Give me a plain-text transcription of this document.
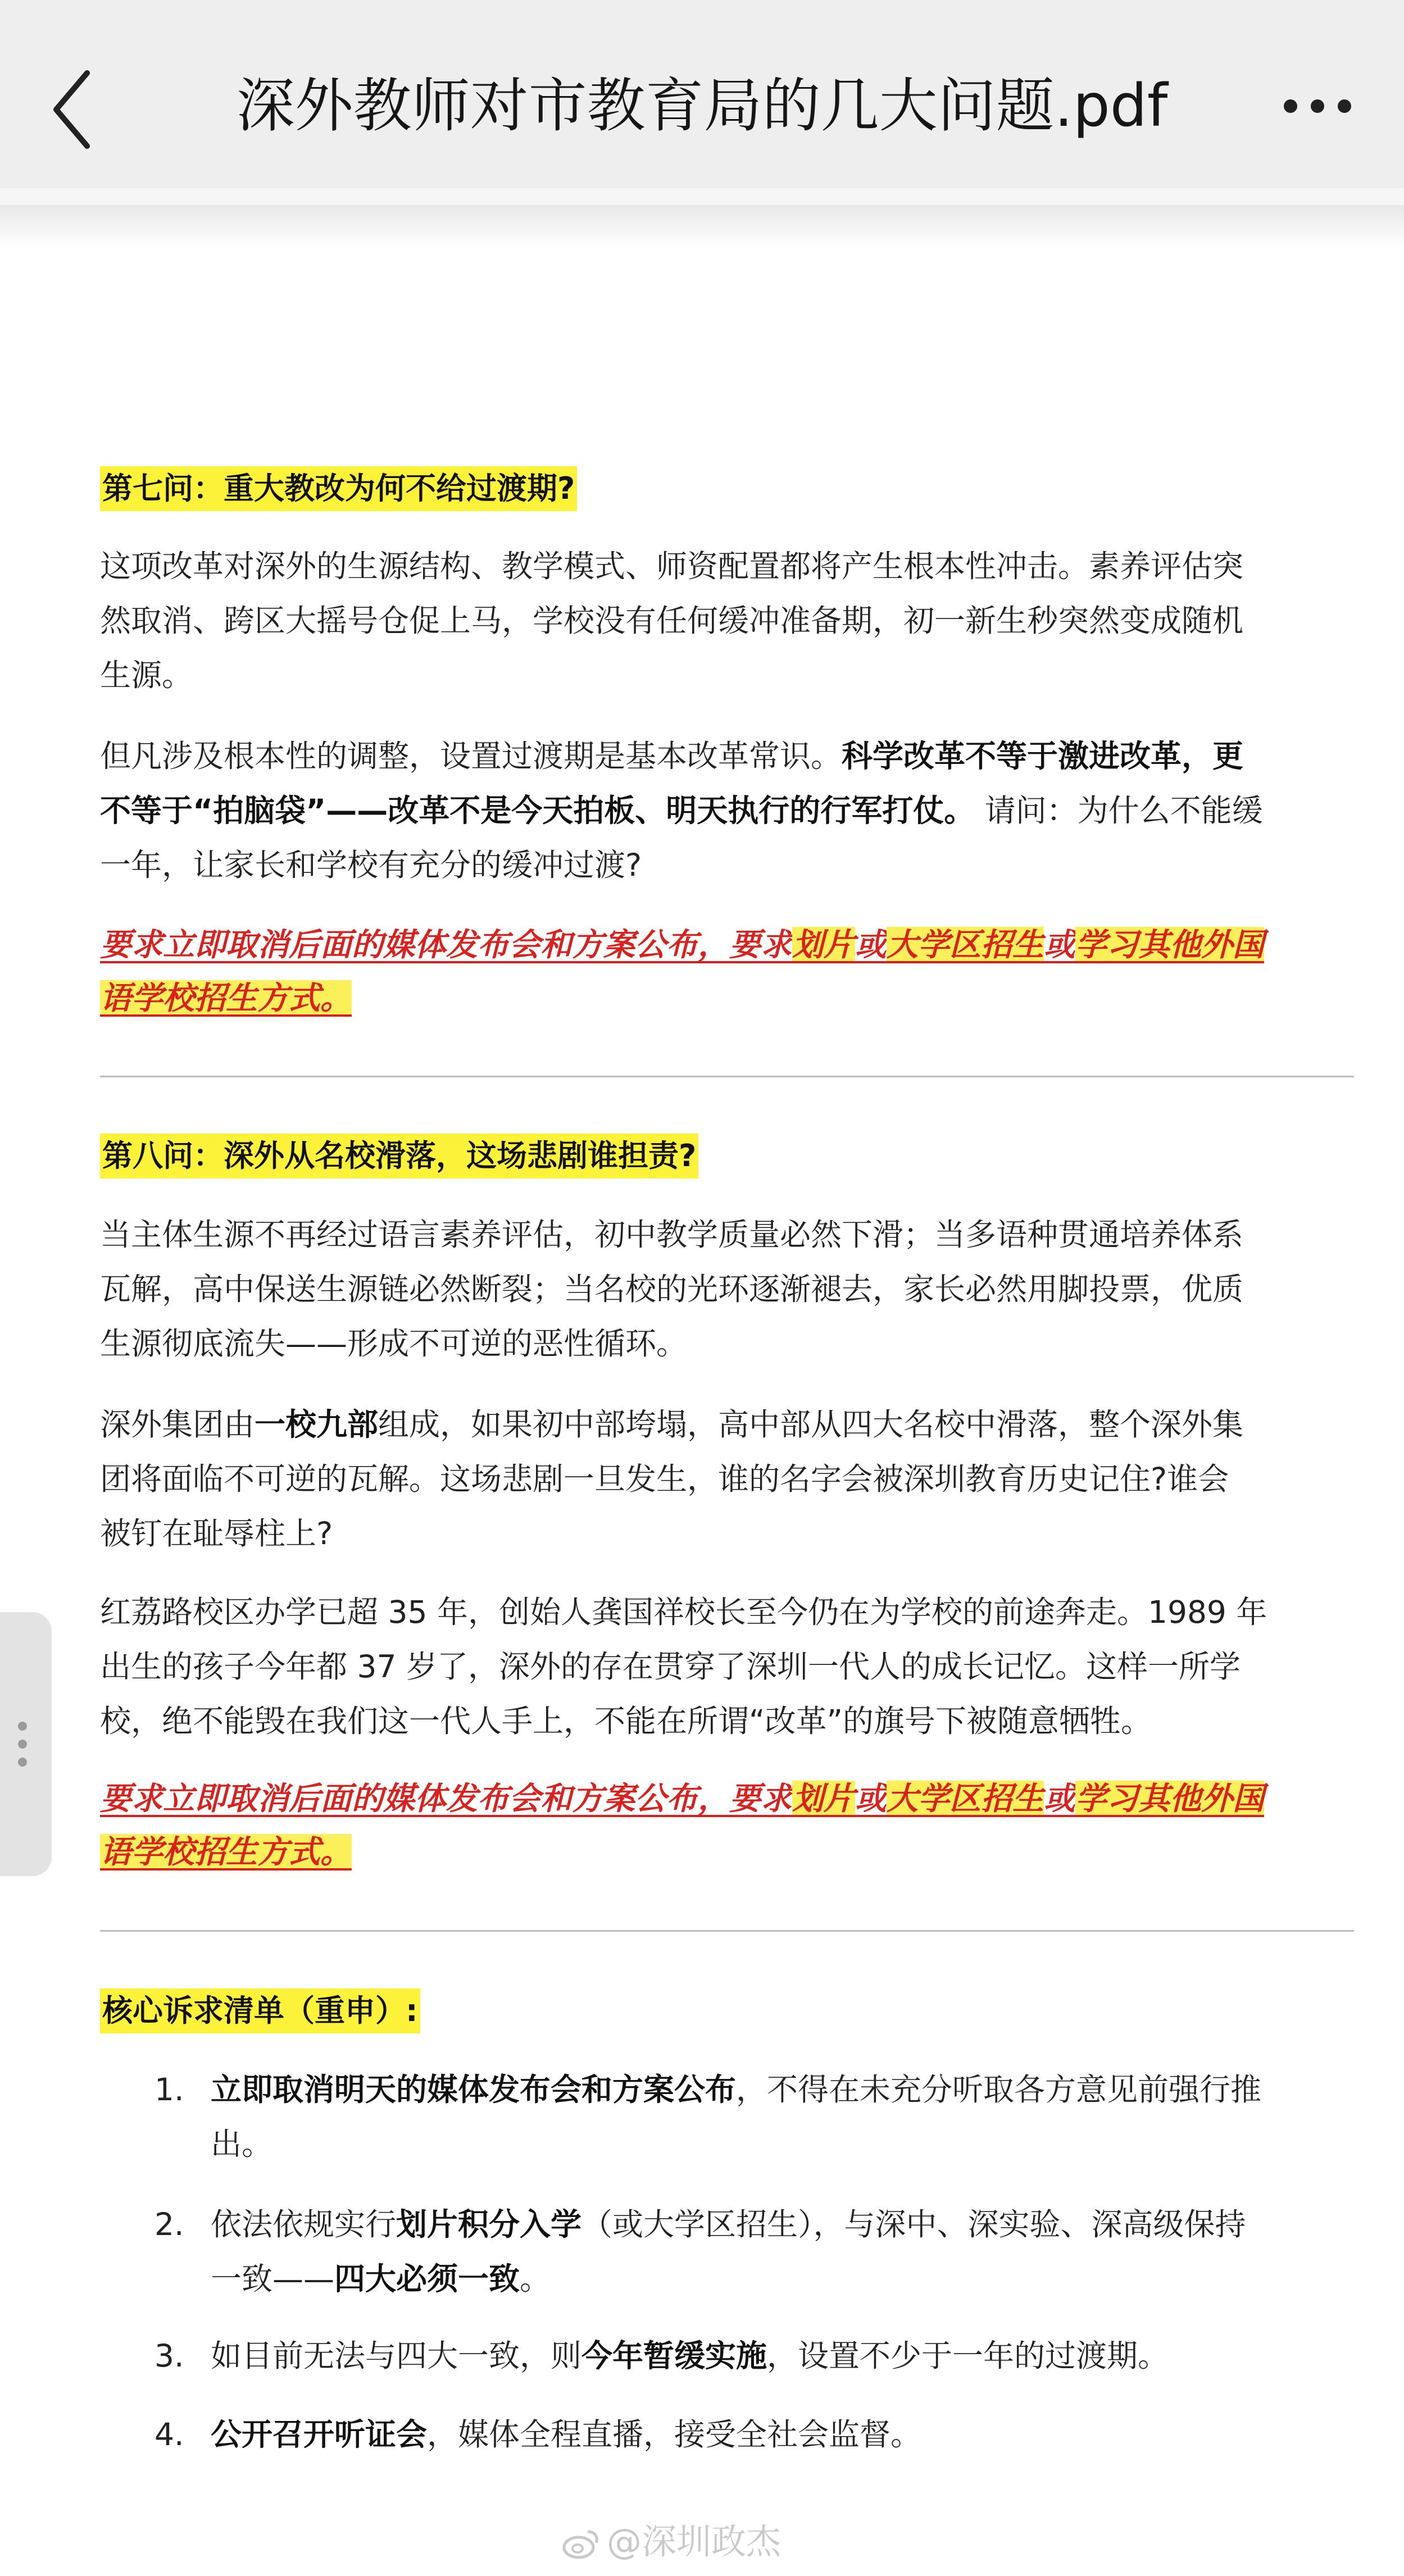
深外教师对市教育局的几大问题.pdf
第七问：重大教改为何不给过渡期?

这项改革对深外的生源结构、教学模式、师资配置都将产生根本性冲击。素养评估突

然取消、跨区大摇号仓促上马，学校没有任何缓冲准备期，初一新生秒突然变成随机

生源。

但凡涉及根本性的调整，设置过渡期是基本改革常识。科学改革不等于激进改革，更

不等于“拍脑袋”——改革不是今天拍板、明天执行的行军打仗。 请问：为什么不能缓

一年，让家长和学校有充分的缓冲过渡?

要求立即取消后面的媒体发布会和方案公布，要求划片或大学区招生或学习其他外国

语学校招生方式。

第八问：深外从名校滑落，这场悲剧谁担责?

当主体生源不再经过语言素养评估，初中教学质量必然下滑；当多语种贯通培养体系

瓦解，高中保送生源链必然断裂；当名校的光环逐渐褪去，家长必然用脚投票，优质

生源彻底流失——形成不可逆的恶性循环。

深外集团由一校九部组成，如果初中部垮塌，高中部从四大名校中滑落，整个深外集

团将面临不可逆的瓦解。这场悲剧一旦发生，谁的名字会被深圳教育历史记住?谁会

被钉在耻辱柱上?

红荔路校区办学已超 35 年，创始人龚国祥校长至今仍在为学校的前途奔走。1989 年

出生的孩子今年都 37 岁了，深外的存在贯穿了深圳一代人的成长记忆。这样一所学

校，绝不能毁在我们这一代人手上，不能在所谓“改革”的旗号下被随意牺牲。

要求立即取消后面的媒体发布会和方案公布，要求划片或大学区招生或学习其他外国

语学校招生方式。

核心诉求清单（重申）:
1. 立即取消明天的媒体发布会和方案公布，不得在未充分听取各方意见前强行推
出。
2. 依法依规实行划片积分入学（或大学区招生），与深中、深实验、深高级保持
一致——四大必须一致。
3. 如目前无法与四大一致，则今年暂缓实施，设置不少于一年的过渡期。
4. 公开召开听证会，媒体全程直播，接受全社会监督。
@深圳政杰
